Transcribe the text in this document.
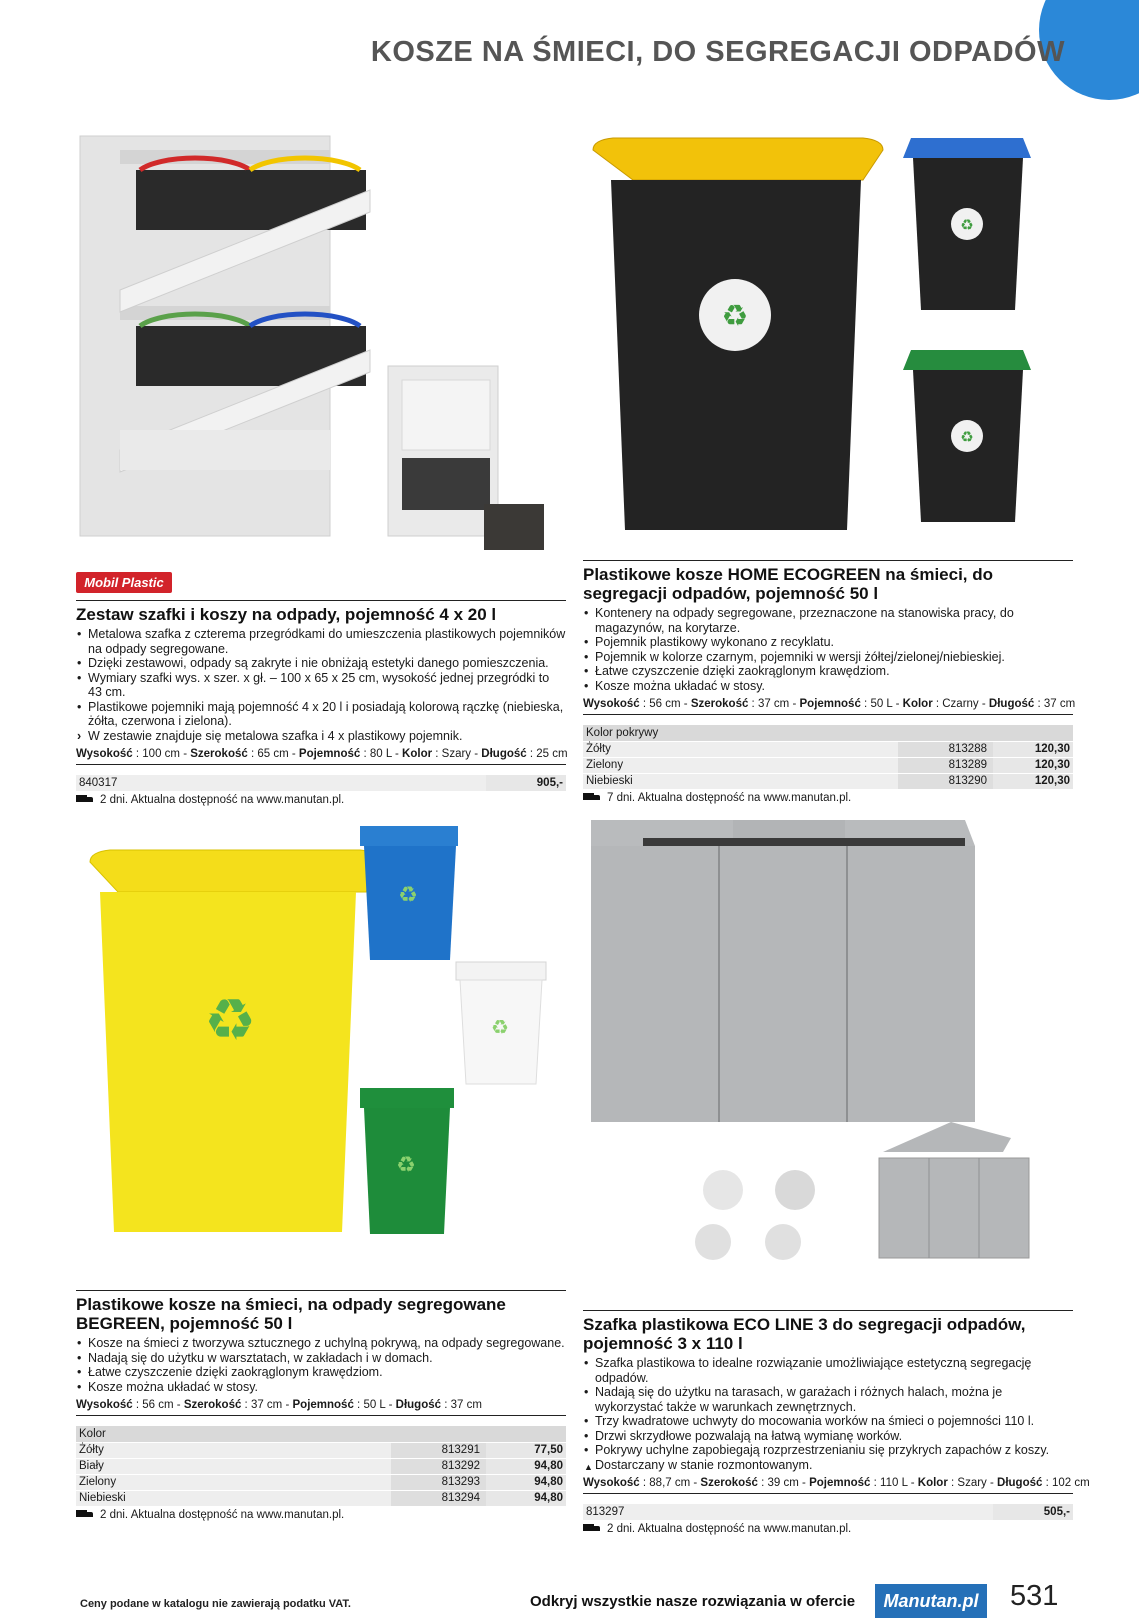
KOSZE NA ŚMIECI, DO SEGREGACJI ODPADÓW
Mobil Plastic
♻
♻
♻
♻
♻
♻
♻
Zestaw szafki i koszy na odpady, pojemność 4 x 20 l
• Metalowa szafka z czterema przegródkami do umieszczenia plastikowych pojemników na odpady segregowane.
• Dzięki zestawowi, odpady są zakryte i nie obniżają estetyki danego pomieszczenia.
• Wymiary szafki wys. x szer. x gł. – 100 x 65 x 25 cm, wysokość jednej przegródki to 43 cm.
• Plastikowe pojemniki mają pojemność 4 x 20 l i posiadają kolorową rączkę (niebieska, żółta, czerwona i zielona).
› W zestawie znajduje się metalowa szafka i 4 x plastikowy pojemnik.
Wysokość : 100 cm - Szerokość : 65 cm - Pojemność : 80 L - Kolor : Szary - Długość : 25 cm
840317	905,-
2 dni. Aktualna dostępność na www.manutan.pl.
Plastikowe kosze HOME ECOGREEN na śmieci, do segregacji odpadów, pojemność 50 l
• Kontenery na odpady segregowane, przeznaczone na stanowiska pracy, do magazynów, na korytarze.
• Pojemnik plastikowy wykonano z recyklatu.
• Pojemnik w kolorze czarnym, pojemniki w wersji żółtej/zielonej/niebieskiej.
• Łatwe czyszczenie dzięki zaokrąglonym krawędziom.
• Kosze można układać w stosy.
Wysokość : 56 cm - Szerokość : 37 cm - Pojemność : 50 L - Kolor : Czarny - Długość : 37 cm
Kolor pokrywy		
Żółty	813288	120,30
Zielony	813289	120,30
Niebieski	813290	120,30
7 dni. Aktualna dostępność na www.manutan.pl.
Plastikowe kosze na śmieci, na odpady segregowane BEGREEN, pojemność 50 l
• Kosze na śmieci z tworzywa sztucznego z uchylną pokrywą, na odpady segregowane.
• Nadają się do użytku w warsztatach, w zakładach i w domach.
• Łatwe czyszczenie dzięki zaokrąglonym krawędziom.
• Kosze można układać w stosy.
Wysokość : 56 cm - Szerokość : 37 cm - Pojemność : 50 L - Długość : 37 cm
Kolor		
Żółty	813291	77,50
Biały	813292	94,80
Zielony	813293	94,80
Niebieski	813294	94,80
2 dni. Aktualna dostępność na www.manutan.pl.
Szafka plastikowa ECO LINE 3 do segregacji odpadów, pojemność 3 x 110 l
• Szafka plastikowa to idealne rozwiązanie umożliwiające estetyczną segregację odpadów.
• Nadają się do użytku na tarasach, w garażach i różnych halach, można je wykorzystać także w warunkach zewnętrznych.
• Trzy kwadratowe uchwyty do mocowania worków na śmieci o pojemności 110 l.
• Drzwi skrzydłowe pozwalają na łatwą wymianę worków.
• Pokrywy uchylne zapobiegają rozprzestrzenianiu się przykrych zapachów z koszy.
▲ Dostarczany w stanie rozmontowanym.
Wysokość : 88,7 cm - Szerokość : 39 cm - Pojemność : 110 L - Kolor : Szary - Długość : 102 cm
813297	505,-
2 dni. Aktualna dostępność na www.manutan.pl.
Ceny podane w katalogu nie zawierają podatku VAT.	Odkryj wszystkie nasze rozwiązania w ofercie	Manutan.pl 531
